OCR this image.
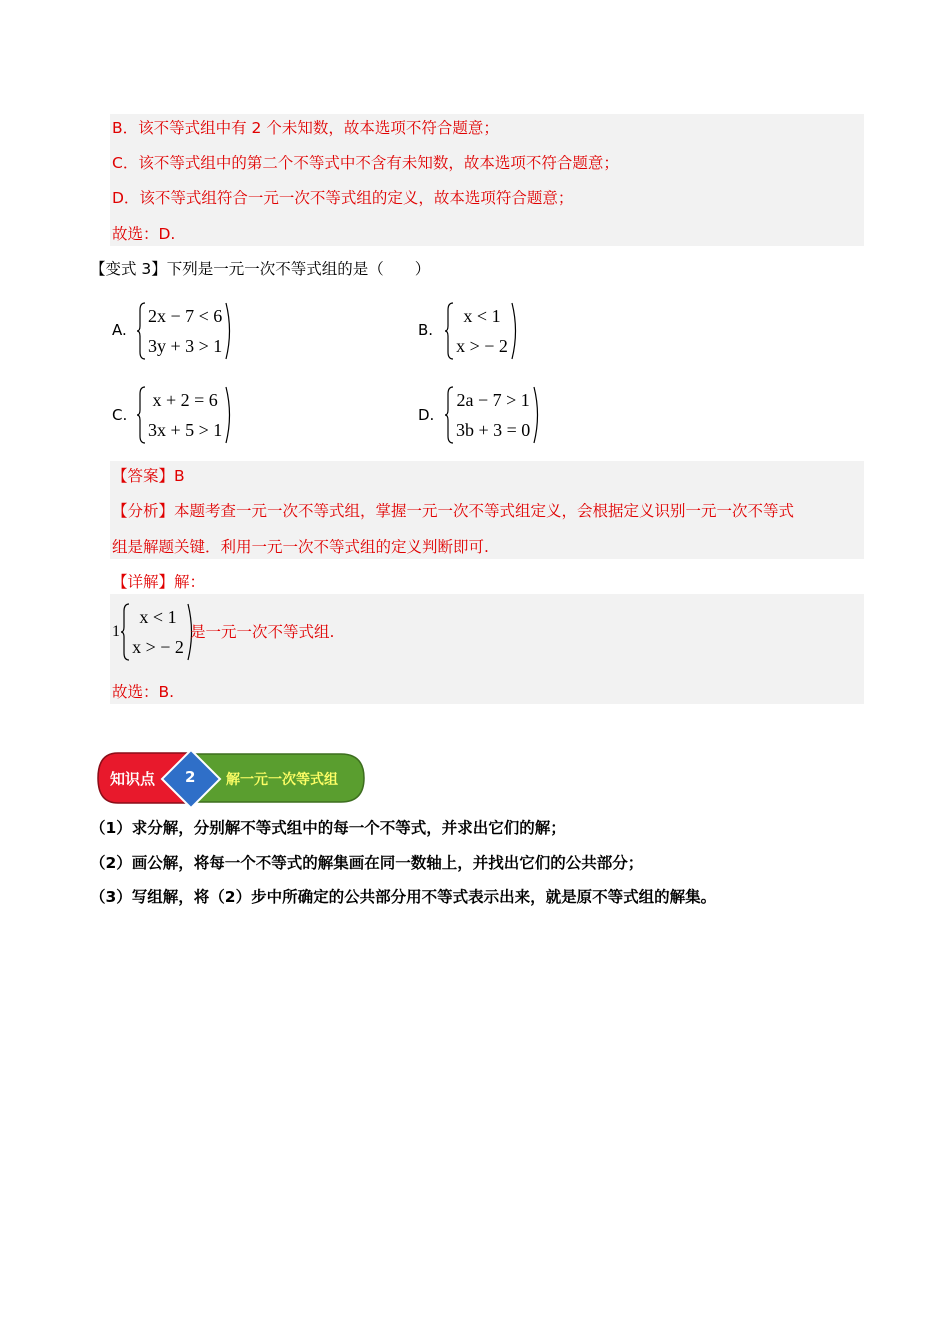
B．该不等式组中有 2 个未知数，故本选项不符合题意；
C．该不等式组中的第二个不等式中不含有未知数，故本选项不符合题意；
D．该不等式组符合一元一次不等式组的定义，故本选项符合题意；
故选：D.
【变式 3】下列是一元一次不等式组的是（　　）
A.
2x − 7 < 6
3y + 3 > 1
B.
x < 1
x > − 2
C.
x + 2 = 6
3x + 5 > 1
D.
2a − 7 > 1
3b + 3 = 0
【答案】B
【分析】本题考查一元一次不等式组，掌握一元一次不等式组定义，会根据定义识别一元一次不等式
组是解题关键．利用一元一次不等式组的定义判断即可.
【详解】解：
1
x < 1
x > − 2
是一元一次不等式组.
故选：B.
知识点 2 解一元一次等式组
（1）求分解，分别解不等式组中的每一个不等式，并求出它们的解；
（2）画公解，将每一个不等式的解集画在同一数轴上，并找出它们的公共部分；
（3）写组解，将（2）步中所确定的公共部分用不等式表示出来，就是原不等式组的解集。
